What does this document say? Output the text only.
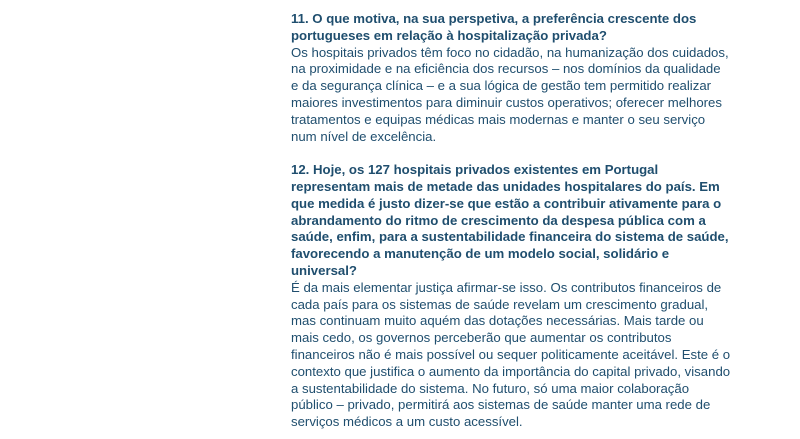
11. O que motiva, na sua perspetiva, a preferência crescente dos portugueses em relação à hospitalização privada?

Os hospitais privados têm foco no cidadão, na humanização dos cuidados, na proximidade e na eficiência dos recursos – nos domínios da qualidade e da segurança clínica – e a sua lógica de gestão tem permitido realizar maiores investimentos para diminuir custos operativos; oferecer melhores tratamentos e equipas médicas mais modernas e manter o seu serviço num nível de excelência.

12. Hoje, os 127 hospitais privados existentes em Portugal representam mais de metade das unidades hospitalares do país. Em que medida é justo dizer-se que estão a contribuir ativamente para o abrandamento do ritmo de crescimento da despesa pública com a saúde, enfim, para a sustentabilidade financeira do sistema de saúde, favorecendo a manutenção de um modelo social, solidário e universal?

É da mais elementar justiça afirmar-se isso. Os contributos financeiros de cada país para os sistemas de saúde revelam um crescimento gradual, mas continuam muito aquém das dotações necessárias. Mais tarde ou mais cedo, os governos perceberão que aumentar os contributos financeiros não é mais possível ou sequer politicamente aceitável. Este é o contexto que justifica o aumento da importância do capital privado, visando a sustentabilidade do sistema. No futuro, só uma maior colaboração público – privado, permitirá aos sistemas de saúde manter uma rede de serviços médicos a um custo acessível.
